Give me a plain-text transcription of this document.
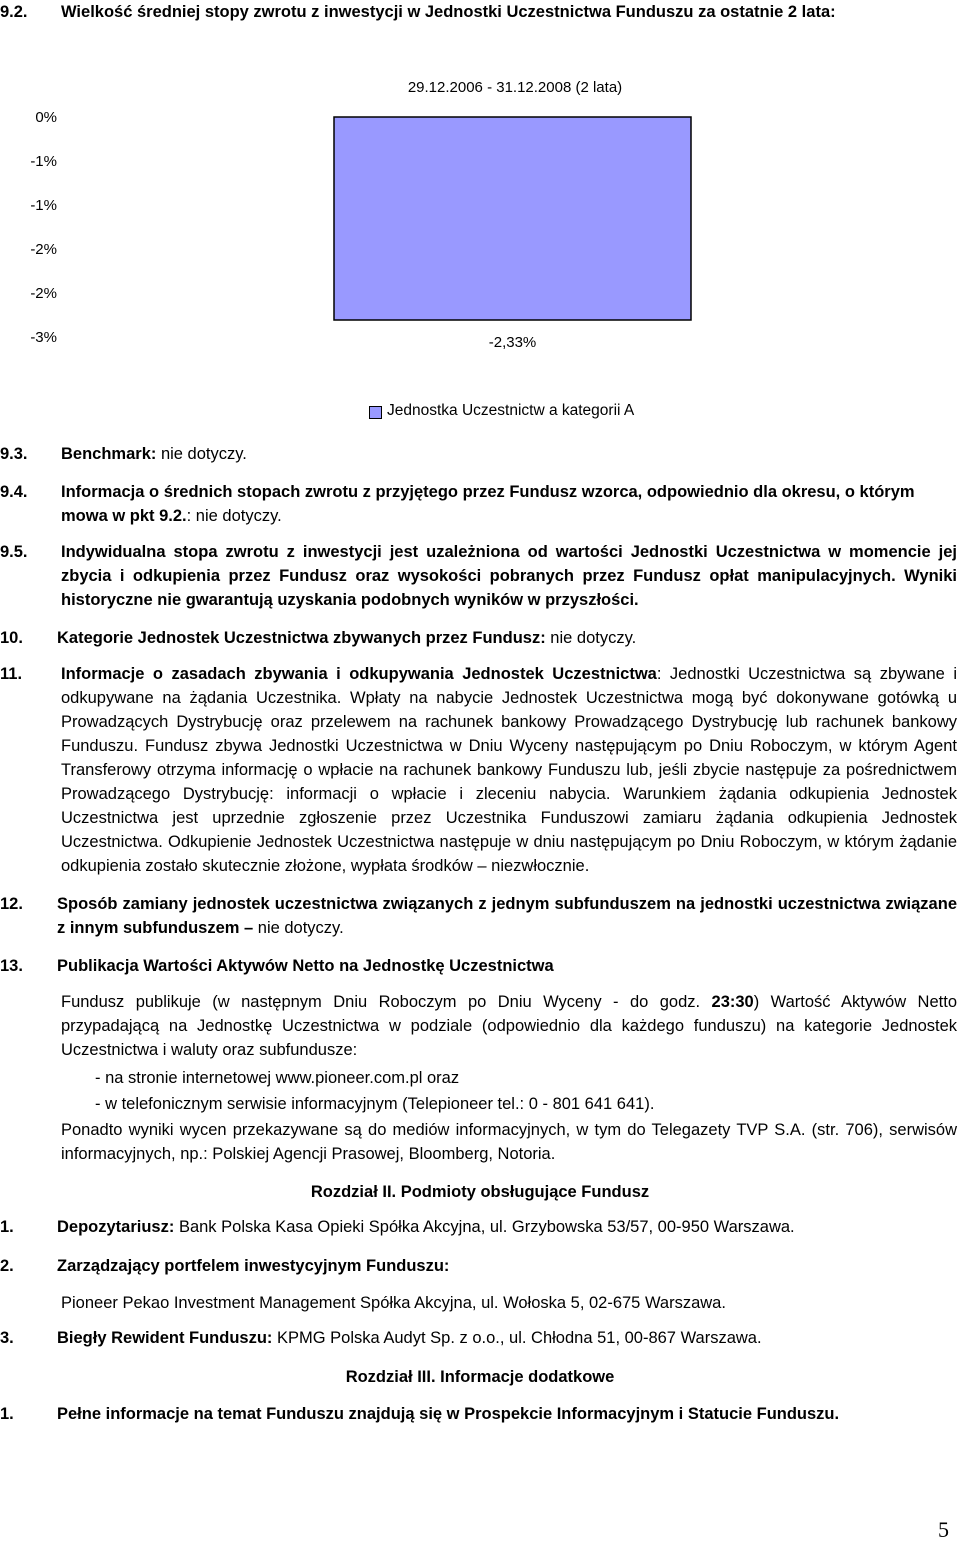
9.2. Wielkość średniej stopy zwrotu z inwestycji w Jednostki Uczestnictwa Funduszu za ostatnie 2 lata:
0%
-1%
-1%
-2%
-2%
-3%
29.12.2006 - 31.12.2008 (2 lata)
-2,33%
Jednostka Uczestnictw a kategorii A
9.3. Benchmark: nie dotyczy.
9.4. Informacja o średnich stopach zwrotu z przyjętego przez Fundusz wzorca, odpowiednio dla okresu, o którym
mowa w pkt 9.2.: nie dotyczy.
9.5. Indywidualna stopa zwrotu z inwestycji jest uzależniona od wartości Jednostki Uczestnictwa w momencie jej zbycia i odkupienia przez Fundusz oraz wysokości pobranych przez Fundusz opłat manipulacyjnych. Wyniki historyczne nie gwarantują uzyskania podobnych wyników w przyszłości.
10. Kategorie Jednostek Uczestnictwa zbywanych przez Fundusz: nie dotyczy.
11. Informacje o zasadach zbywania i odkupywania Jednostek Uczestnictwa: Jednostki Uczestnictwa są zbywane i odkupywane na żądania Uczestnika. Wpłaty na nabycie Jednostek Uczestnictwa mogą być dokonywane gotówką u Prowadzących Dystrybucję oraz przelewem na rachunek bankowy Prowadzącego Dystrybucję lub rachunek bankowy Funduszu. Fundusz zbywa Jednostki Uczestnictwa w Dniu Wyceny następującym po Dniu Roboczym, w którym Agent Transferowy otrzyma informację o wpłacie na rachunek bankowy Funduszu lub, jeśli zbycie następuje za pośrednictwem Prowadzącego Dystrybucję: informacji o wpłacie i zleceniu nabycia. Warunkiem żądania odkupienia Jednostek Uczestnictwa jest uprzednie zgłoszenie przez Uczestnika Funduszowi zamiaru żądania odkupienia Jednostek Uczestnictwa. Odkupienie Jednostek Uczestnictwa następuje w dniu następującym po Dniu Roboczym, w którym żądanie odkupienia zostało skutecznie złożone, wypłata środków – niezwłocznie.
12. Sposób zamiany jednostek uczestnictwa związanych z jednym subfunduszem na jednostki uczestnictwa związane z innym subfunduszem – nie dotyczy.
13. Publikacja Wartości Aktywów Netto na Jednostkę Uczestnictwa
Fundusz publikuje (w następnym Dniu Roboczym po Dniu Wyceny - do godz. 23:30) Wartość Aktywów Netto przypadającą na Jednostkę Uczestnictwa w podziale (odpowiednio dla każdego funduszu) na kategorie Jednostek Uczestnictwa i waluty oraz subfundusze:
- na stronie internetowej www.pioneer.com.pl oraz
- w telefonicznym serwisie informacyjnym (Telepioneer tel.: 0 - 801 641 641).
Ponadto wyniki wycen przekazywane są do mediów informacyjnych, w tym do Telegazety TVP S.A. (str. 706), serwisów informacyjnych, np.: Polskiej Agencji Prasowej, Bloomberg, Notoria.
Rozdział II. Podmioty obsługujące Fundusz
1.	Depozytariusz: Bank Polska Kasa Opieki Spółka Akcyjna, ul. Grzybowska 53/57, 00-950 Warszawa.
2.	Zarządzający portfelem inwestycyjnym Funduszu:
Pioneer Pekao Investment Management Spółka Akcyjna, ul. Wołoska 5, 02-675 Warszawa.
3.	Biegły Rewident Funduszu: KPMG Polska Audyt Sp. z o.o., ul. Chłodna 51, 00-867 Warszawa.
Rozdział III. Informacje dodatkowe
1.	Pełne informacje na temat Funduszu znajdują się w Prospekcie Informacyjnym i Statucie Funduszu.
5
